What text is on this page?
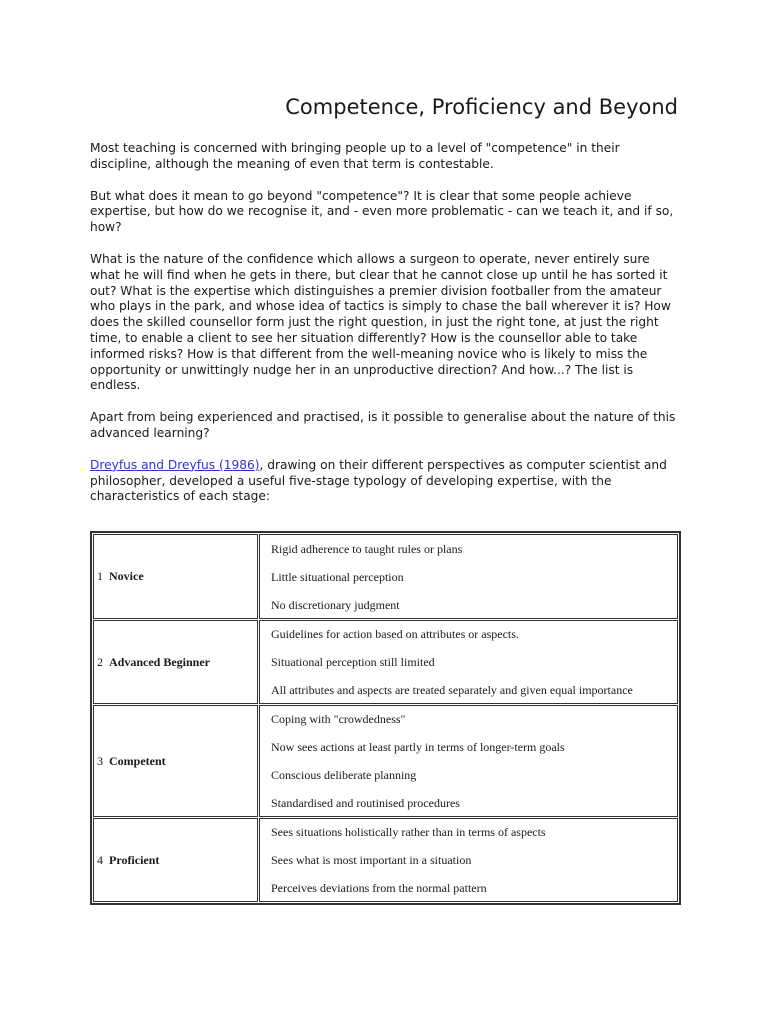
Competence, Proficiency and Beyond

Most teaching is concerned with bringing people up to a level of "competence" in their discipline, although the meaning of even that term is contestable.

But what does it mean to go beyond "competence"? It is clear that some people achieve expertise, but how do we recognise it, and - even more problematic - can we teach it, and if so, how?

What is the nature of the confidence which allows a surgeon to operate, never entirely sure what he will find when he gets in there, but clear that he cannot close up until he has sorted it out? What is the expertise which distinguishes a premier division footballer from the amateur who plays in the park, and whose idea of tactics is simply to chase the ball wherever it is? How does the skilled counsellor form just the right question, in just the right tone, at just the right time, to enable a client to see her situation differently? How is the counsellor able to take informed risks? How is that different from the well-meaning novice who is likely to miss the opportunity or unwittingly nudge her in an unproductive direction? And how...? The list is endless.

Apart from being experienced and practised, is it possible to generalise about the nature of this advanced learning?

Dreyfus and Dreyfus (1986), drawing on their different perspectives as computer scientist and philosopher, developed a useful five-stage typology of developing expertise, with the characteristics of each stage:

1 Novice	Rigid adherence to taught rules or plans

Little situational perception

No discretionary judgment

2 Advanced Beginner	Guidelines for action based on attributes or aspects.

Situational perception still limited

All attributes and aspects are treated separately and given equal importance

3 Competent	Coping with "crowdedness"

Now sees actions at least partly in terms of longer-term goals

Conscious deliberate planning

Standardised and routinised procedures

4 Proficient	Sees situations holistically rather than in terms of aspects

Sees what is most important in a situation

Perceives deviations from the normal pattern
